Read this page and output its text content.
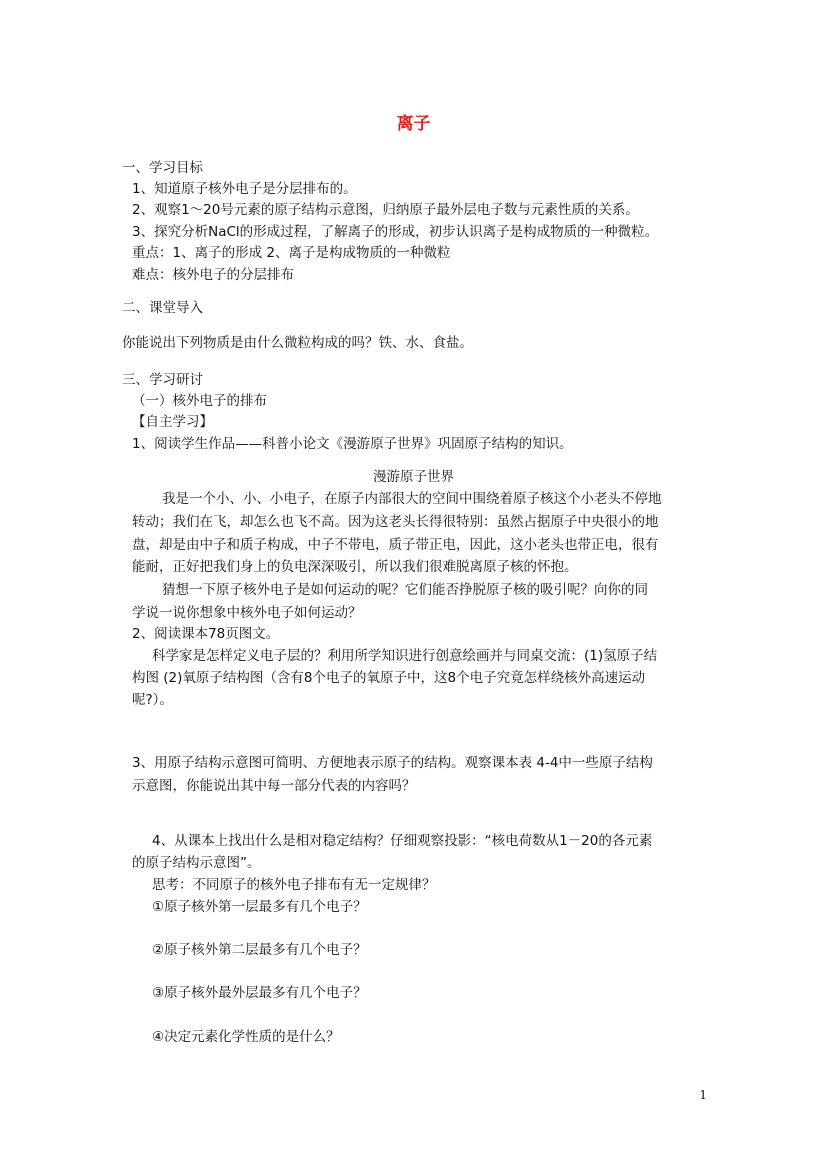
离子
一、学习目标
1、知道原子核外电子是分层排布的。
2、观察1～20号元素的原子结构示意图，归纳原子最外层电子数与元素性质的关系。
3、探究分析NaCl的形成过程，了解离子的形成，初步认识离子是构成物质的一种微粒。
重点：1、离子的形成 2、离子是构成物质的一种微粒
难点：核外电子的分层排布
二、课堂导入
你能说出下列物质是由什么微粒构成的吗？铁、水、食盐。
三、学习研讨
（一）核外电子的排布
【自主学习】
1、阅读学生作品——科普小论文《漫游原子世界》巩固原子结构的知识。
漫游原子世界
我是一个小、小、小电子，在原子内部很大的空间中围绕着原子核这个小老头不停地
转动；我们在飞，却怎么也飞不高。因为这老头长得很特别：虽然占据原子中央很小的地
盘，却是由中子和质子构成，中子不带电，质子带正电，因此，这小老头也带正电，很有
能耐，正好把我们身上的负电深深吸引，所以我们很难脱离原子核的怀抱。
猜想一下原子核外电子是如何运动的呢？它们能否挣脱原子核的吸引呢？向你的同
学说一说你想象中核外电子如何运动？
2、阅读课本78页图文。
科学家是怎样定义电子层的？利用所学知识进行创意绘画并与同桌交流：(1)氢原子结
构图 (2)氧原子结构图（含有8个电子的氧原子中，这8个电子究竟怎样绕核外高速运动
呢?）。
3、用原子结构示意图可简明、方便地表示原子的结构。观察课本表 4-4中一些原子结构
示意图，你能说出其中每一部分代表的内容吗？
4、从课本上找出什么是相对稳定结构？仔细观察投影：“核电荷数从1－20的各元素
的原子结构示意图”。
思考：不同原子的核外电子排布有无一定规律？
①原子核外第一层最多有几个电子？
②原子核外第二层最多有几个电子？
③原子核外最外层最多有几个电子？
④决定元素化学性质的是什么？
1
